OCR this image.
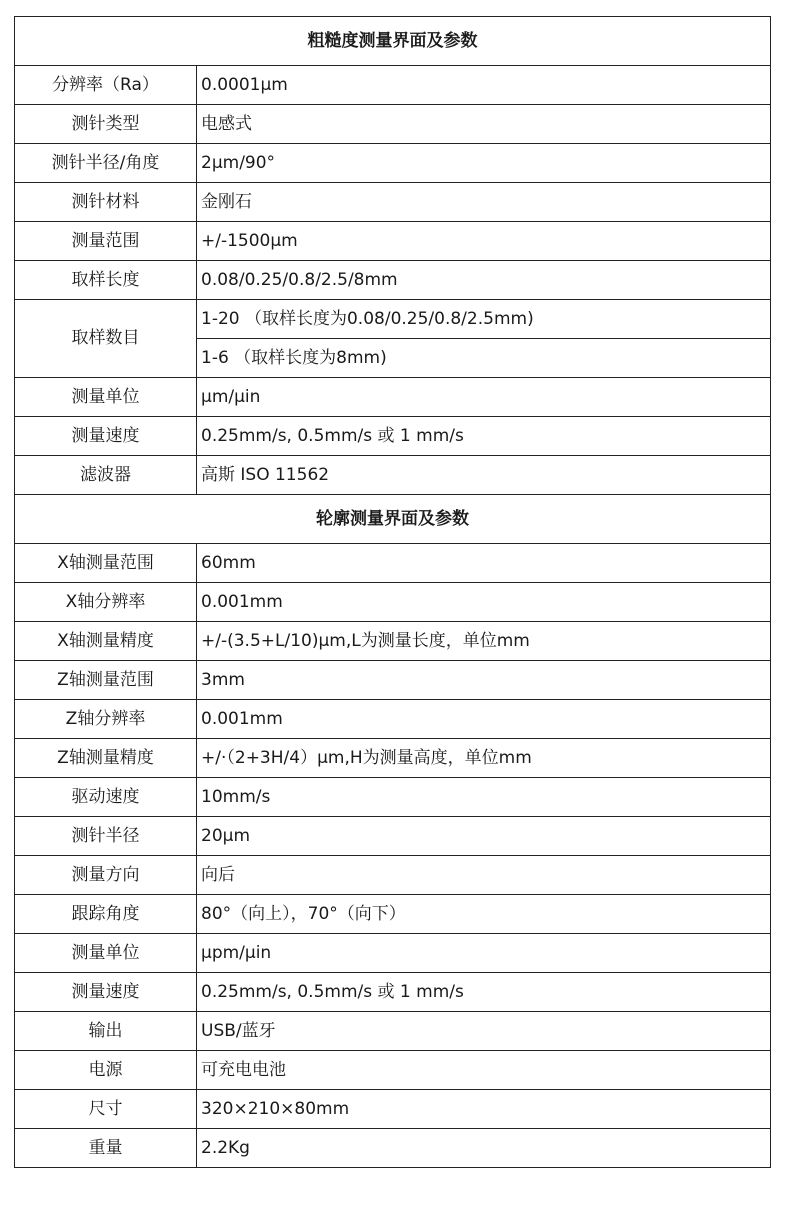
粗糙度测量界面及参数	
分辨率（Ra）	0.0001μm
测针类型	电感式
测针半径/角度	2μm/90°
测针材料	金刚石
测量范围	+/-1500μm
取样长度	0.08/0.25/0.8/2.5/8mm
取样数目	1-20 （取样长度为0.08/0.25/0.8/2.5mm)
	1-6 （取样长度为8mm)
测量单位	μm/μin
测量速度	0.25mm/s, 0.5mm/s 或 1 mm/s
滤波器	高斯 ISO 11562
轮廓测量界面及参数	
X轴测量范围	60mm
X轴分辨率	0.001mm
X轴测量精度	+/-(3.5+L/10)μm,L为测量长度，单位mm
Z轴测量范围	3mm
Z轴分辨率	0.001mm
Z轴测量精度	+/·（2+3H/4）μm,H为测量高度，单位mm
驱动速度	10mm/s
测针半径	20μm
测量方向	向后
跟踪角度	80°（向上），70°（向下）
测量单位	μpm/μin
测量速度	0.25mm/s, 0.5mm/s 或 1 mm/s
输出	USB/蓝牙
电源	可充电电池
尺寸	320×210×80mm
重量	2.2Kg
